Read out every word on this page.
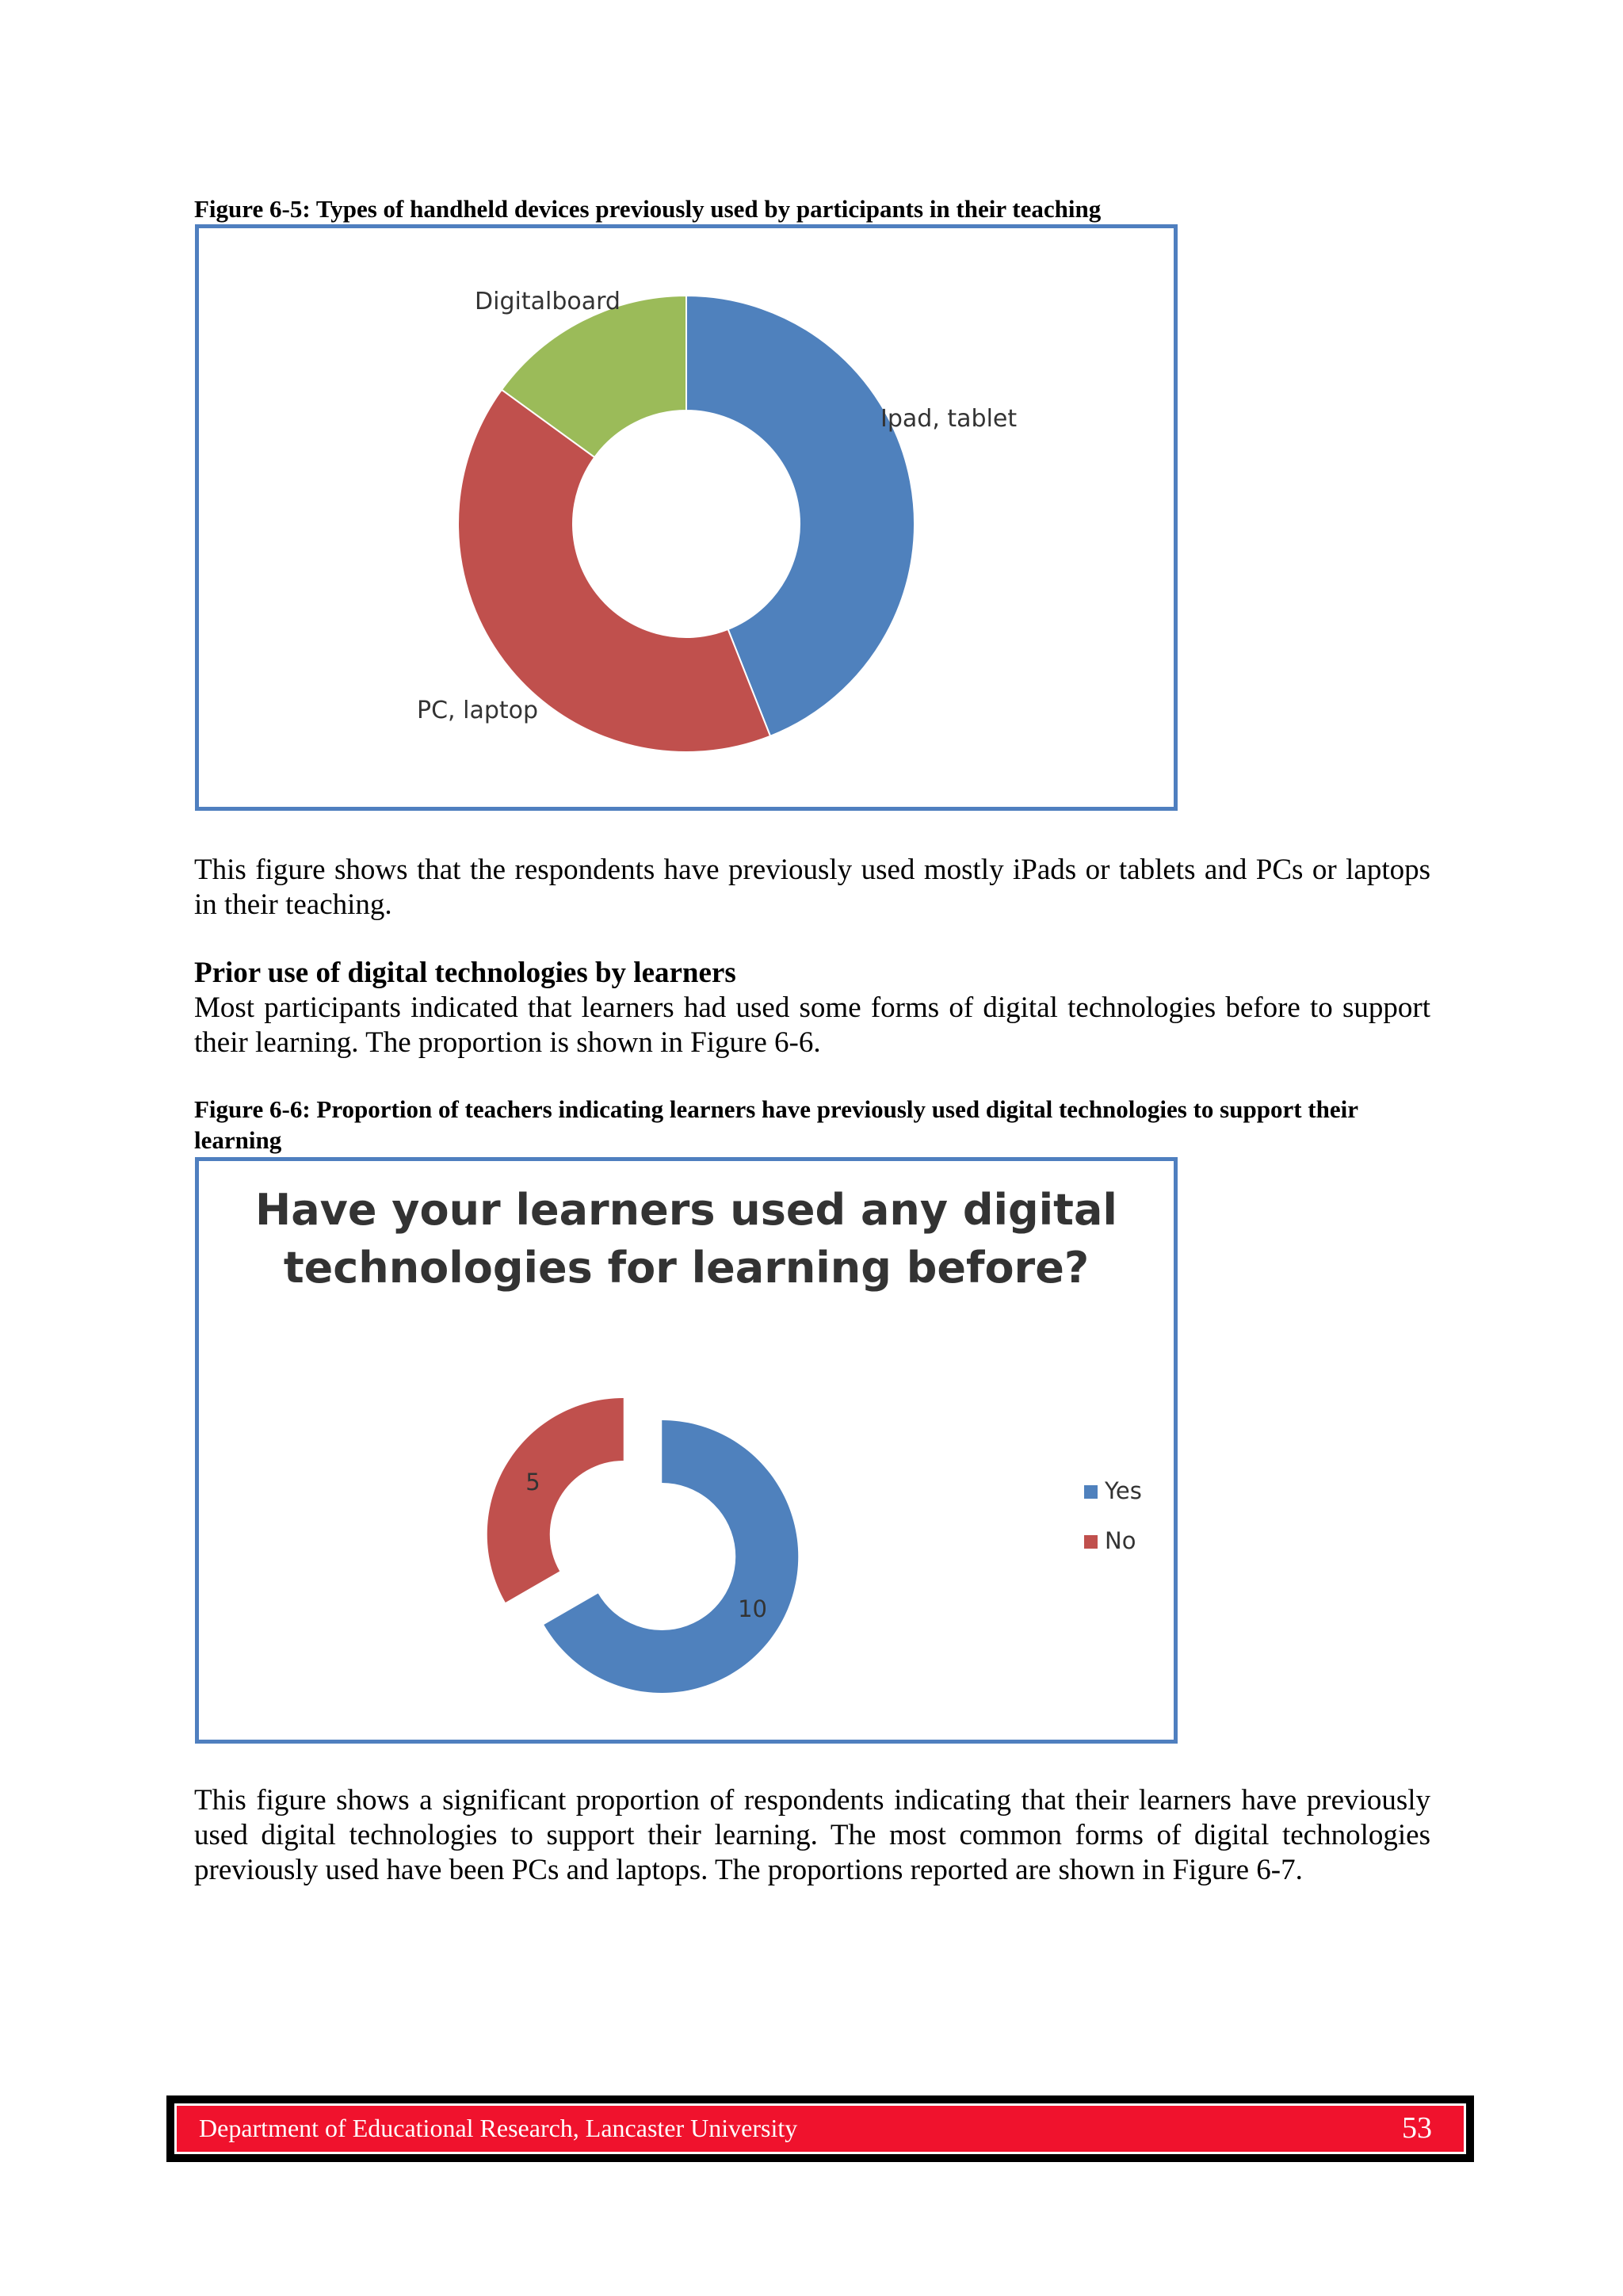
Figure 6-5: Types of handheld devices previously used by participants in their teaching
Ipad, tablet
PC, laptop
Digitalboard
This figure shows that the respondents have previously used mostly iPads or tablets and PCs or laptops in their teaching.
Prior use of digital technologies by learners
Most participants indicated that learners had used some forms of digital technologies before to support their learning. The proportion is shown in Figure 6-6.
Figure 6-6: Proportion of teachers indicating learners have previously used digital technologies to support their learning
Have your learners used any digital
technologies for learning before?
10
5	Yes
No
This figure shows a significant proportion of respondents indicating that their learners have previously used digital technologies to support their learning. The most common forms of digital technologies previously used have been PCs and laptops. The proportions reported are shown in Figure 6-7.
Department of Educational Research, Lancaster University	53
